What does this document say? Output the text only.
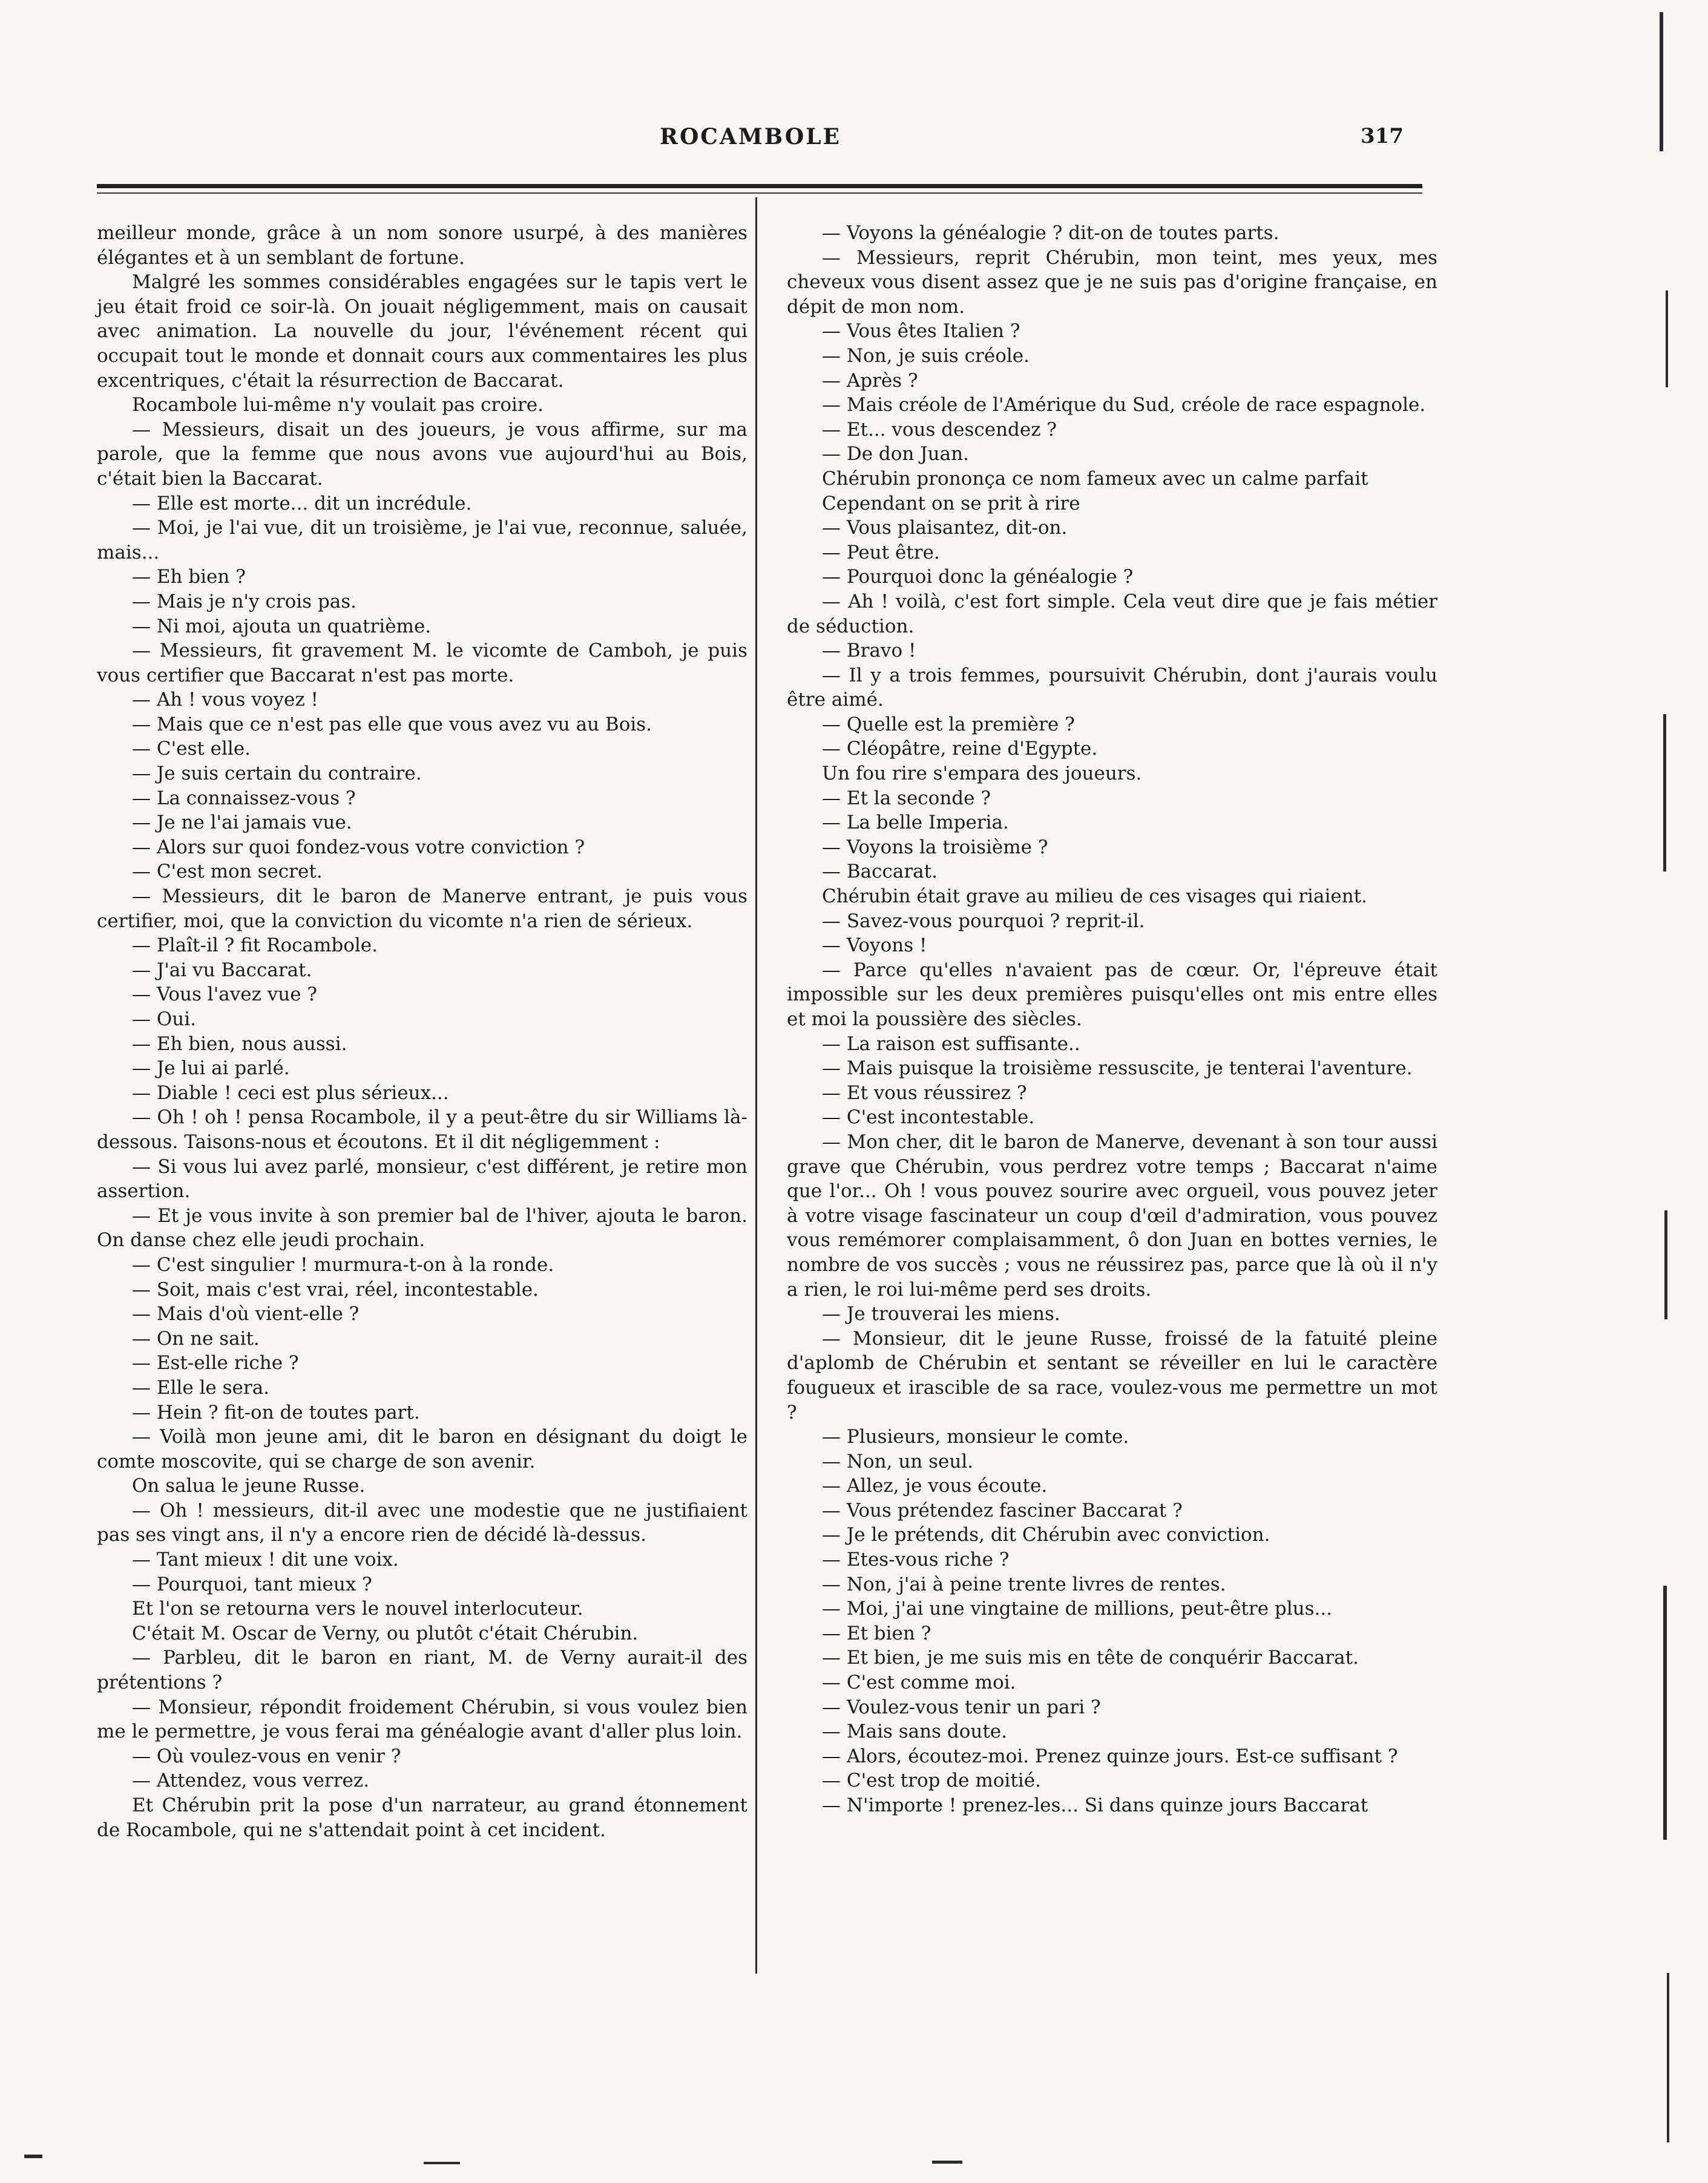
ROCAMBOLE	317

meilleur monde, grâce à un nom sonore usurpé, à des manières élégantes et à un semblant de fortune.

Malgré les sommes considérables engagées sur le tapis vert le jeu était froid ce soir-là. On jouait négligemment, mais on causait avec animation. La nouvelle du jour, l'événement récent qui occupait tout le monde et donnait cours aux commentaires les plus excentriques, c'était la résurrection de Baccarat.

Rocambole lui-même n'y voulait pas croire.

— Messieurs, disait un des joueurs, je vous affirme, sur ma parole, que la femme que nous avons vue aujourd'hui au Bois, c'était bien la Baccarat.

— Elle est morte... dit un incrédule.

— Moi, je l'ai vue, dit un troisième, je l'ai vue, reconnue, saluée, mais...

— Eh bien ?

— Mais je n'y crois pas.

— Ni moi, ajouta un quatrième.

— Messieurs, fit gravement M. le vicomte de Camboh, je puis vous certifier que Baccarat n'est pas morte.

— Ah ! vous voyez !

— Mais que ce n'est pas elle que vous avez vu au Bois.

— C'est elle.

— Je suis certain du contraire.

— La connaissez-vous ?

— Je ne l'ai jamais vue.

— Alors sur quoi fondez-vous votre conviction ?

— C'est mon secret.

— Messieurs, dit le baron de Manerve entrant, je puis vous certifier, moi, que la conviction du vicomte n'a rien de sérieux.

— Plaît-il ? fit Rocambole.

— J'ai vu Baccarat.

— Vous l'avez vue ?

— Oui.

— Eh bien, nous aussi.

— Je lui ai parlé.

— Diable ! ceci est plus sérieux...

— Oh ! oh ! pensa Rocambole, il y a peut-être du sir Williams là-dessous. Taisons-nous et écoutons. Et il dit négligemment :

— Si vous lui avez parlé, monsieur, c'est différent, je retire mon assertion.

— Et je vous invite à son premier bal de l'hiver, ajouta le baron. On danse chez elle jeudi prochain.

— C'est singulier ! murmura-t-on à la ronde.

— Soit, mais c'est vrai, réel, incontestable.

— Mais d'où vient-elle ?

— On ne sait.

— Est-elle riche ?

— Elle le sera.

— Hein ? fit-on de toutes part.

— Voilà mon jeune ami, dit le baron en désignant du doigt le comte moscovite, qui se charge de son avenir.

On salua le jeune Russe.

— Oh ! messieurs, dit-il avec une modestie que ne justifiaient pas ses vingt ans, il n'y a encore rien de décidé là-dessus.

— Tant mieux ! dit une voix.

— Pourquoi, tant mieux ?

Et l'on se retourna vers le nouvel interlocuteur.

C'était M. Oscar de Verny, ou plutôt c'était Chérubin.

— Parbleu, dit le baron en riant, M. de Verny aurait-il des prétentions ?

— Monsieur, répondit froidement Chérubin, si vous voulez bien me le permettre, je vous ferai ma généalogie avant d'aller plus loin.

— Où voulez-vous en venir ?

— Attendez, vous verrez.

Et Chérubin prit la pose d'un narrateur, au grand étonnement de Rocambole, qui ne s'attendait point à cet incident.

— Voyons la généalogie ? dit-on de toutes parts.

— Messieurs, reprit Chérubin, mon teint, mes yeux, mes cheveux vous disent assez que je ne suis pas d'origine française, en dépit de mon nom.

— Vous êtes Italien ?

— Non, je suis créole.

— Après ?

— Mais créole de l'Amérique du Sud, créole de race espagnole.

— Et... vous descendez ?

— De don Juan.

Chérubin prononça ce nom fameux avec un calme parfait

Cependant on se prit à rire

— Vous plaisantez, dit-on.

— Peut être.

— Pourquoi donc la généalogie ?

— Ah ! voilà, c'est fort simple. Cela veut dire que je fais métier de séduction.

— Bravo !

— Il y a trois femmes, poursuivit Chérubin, dont j'aurais voulu être aimé.

— Quelle est la première ?

— Cléopâtre, reine d'Egypte.

Un fou rire s'empara des joueurs.

— Et la seconde ?

— La belle Imperia.

— Voyons la troisième ?

— Baccarat.

Chérubin était grave au milieu de ces visages qui riaient.

— Savez-vous pourquoi ? reprit-il.

— Voyons !

— Parce qu'elles n'avaient pas de cœur. Or, l'épreuve était impossible sur les deux premières puisqu'elles ont mis entre elles et moi la poussière des siècles.

— La raison est suffisante..

— Mais puisque la troisième ressuscite, je tenterai l'aventure.

— Et vous réussirez ?

— C'est incontestable.

— Mon cher, dit le baron de Manerve, devenant à son tour aussi grave que Chérubin, vous perdrez votre temps ; Baccarat n'aime que l'or... Oh ! vous pouvez sourire avec orgueil, vous pouvez jeter à votre visage fascinateur un coup d'œil d'admiration, vous pouvez vous remémorer complaisamment, ô don Juan en bottes vernies, le nombre de vos succès ; vous ne réussirez pas, parce que là où il n'y a rien, le roi lui-même perd ses droits.

— Je trouverai les miens.

— Monsieur, dit le jeune Russe, froissé de la fatuité pleine d'aplomb de Chérubin et sentant se réveiller en lui le caractère fougueux et irascible de sa race, voulez-vous me permettre un mot ?

— Plusieurs, monsieur le comte.

— Non, un seul.

— Allez, je vous écoute.

— Vous prétendez fasciner Baccarat ?

— Je le prétends, dit Chérubin avec conviction.

— Etes-vous riche ?

— Non, j'ai à peine trente livres de rentes.

— Moi, j'ai une vingtaine de millions, peut-être plus...

— Et bien ?

— Et bien, je me suis mis en tête de conquérir Baccarat.

— C'est comme moi.

— Voulez-vous tenir un pari ?

— Mais sans doute.

— Alors, écoutez-moi. Prenez quinze jours. Est-ce suffisant ?

— C'est trop de moitié.

— N'importe ! prenez-les... Si dans quinze jours Baccarat
